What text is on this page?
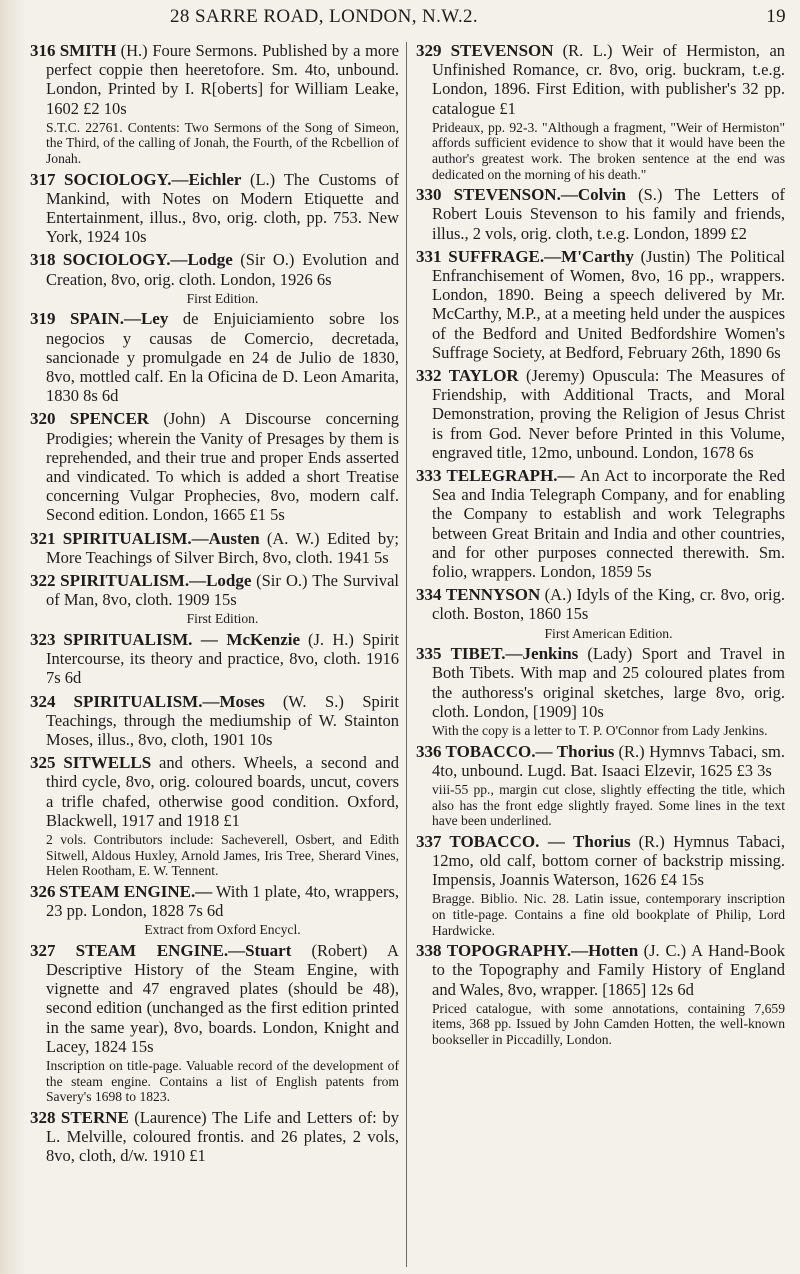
28 SARRE ROAD, LONDON, N.W.2.	19
316 SMITH (H.) Foure Sermons. Published by a more perfect coppie then heeretofore. Sm. 4to, unbound. London, Printed by I. R[oberts] for William Leake, 1602 £2 10s
S.T.C. 22761. Contents: Two Sermons of the Song of Simeon, the Third, of the calling of Jonah, the Fourth, of the Rcbellion of Jonah.
317 SOCIOLOGY.—Eichler (L.) The Customs of Mankind, with Notes on Modern Etiquette and Entertainment, illus., 8vo, orig. cloth, pp. 753. New York, 1924 10s
318 SOCIOLOGY.—Lodge (Sir O.) Evolution and Creation, 8vo, orig. cloth. London, 1926 6s
First Edition.
319 SPAIN.—Ley de Enjuiciamiento sobre los negocios y causas de Comercio, decretada, sancionade y promulgade en 24 de Julio de 1830, 8vo, mottled calf. En la Oficina de D. Leon Amarita, 1830 8s 6d
320 SPENCER (John) A Discourse concerning Prodigies; wherein the Vanity of Presages by them is reprehended, and their true and proper Ends asserted and vindicated. To which is added a short Treatise concerning Vulgar Prophecies, 8vo, modern calf. Second edition. London, 1665 £1 5s
321 SPIRITUALISM.—Austen (A. W.) Edited by; More Teachings of Silver Birch, 8vo, cloth. 1941 5s
322 SPIRITUALISM.—Lodge (Sir O.) The Survival of Man, 8vo, cloth. 1909 15s
First Edition.
323 SPIRITUALISM. — McKenzie (J. H.) Spirit Intercourse, its theory and practice, 8vo, cloth. 1916 7s 6d
324 SPIRITUALISM.—Moses (W. S.) Spirit Teachings, through the mediumship of W. Stainton Moses, illus., 8vo, cloth, 1901 10s
325 SITWELLS and others. Wheels, a second and third cycle, 8vo, orig. coloured boards, uncut, covers a trifle chafed, otherwise good condition. Oxford, Blackwell, 1917 and 1918 £1
2 vols. Contributors include: Sacheverell, Osbert, and Edith Sitwell, Aldous Huxley, Arnold James, Iris Tree, Sherard Vines, Helen Rootham, E. W. Tennent.
326 STEAM ENGINE.— With 1 plate, 4to, wrappers, 23 pp. London, 1828 7s 6d
Extract from Oxford Encycl.
327 STEAM ENGINE.—Stuart (Robert) A Descriptive History of the Steam Engine, with vignette and 47 engraved plates (should be 48), second edition (unchanged as the first edition printed in the same year), 8vo, boards. London, Knight and Lacey, 1824 15s
Inscription on title-page. Valuable record of the development of the steam engine. Contains a list of English patents from Savery's 1698 to 1823.
328 STERNE (Laurence) The Life and Letters of: by L. Melville, coloured frontis. and 26 plates, 2 vols, 8vo, cloth, d/w. 1910 £1
329 STEVENSON (R. L.) Weir of Hermiston, an Unfinished Romance, cr. 8vo, orig. buckram, t.e.g. London, 1896. First Edition, with publisher's 32 pp. catalogue £1
Prideaux, pp. 92-3. "Although a fragment, "Weir of Hermiston" affords sufficient evidence to show that it would have been the author's greatest work. The broken sentence at the end was dedicated on the morning of his death."
330 STEVENSON.—Colvin (S.) The Letters of Robert Louis Stevenson to his family and friends, illus., 2 vols, orig. cloth, t.e.g. London, 1899 £2
331 SUFFRAGE.—M'Carthy (Justin) The Political Enfranchisement of Women, 8vo, 16 pp., wrappers. London, 1890. Being a speech delivered by Mr. McCarthy, M.P., at a meeting held under the auspices of the Bedford and United Bedfordshire Women's Suffrage Society, at Bedford, February 26th, 1890 6s
332 TAYLOR (Jeremy) Opuscula: The Measures of Friendship, with Additional Tracts, and Moral Demonstration, proving the Religion of Jesus Christ is from God. Never before Printed in this Volume, engraved title, 12mo, unbound. London, 1678 6s
333 TELEGRAPH.— An Act to incorporate the Red Sea and India Telegraph Company, and for enabling the Company to establish and work Telegraphs between Great Britain and India and other countries, and for other purposes connected therewith. Sm. folio, wrappers. London, 1859 5s
334 TENNYSON (A.) Idyls of the King, cr. 8vo, orig. cloth. Boston, 1860 15s
First American Edition.
335 TIBET.—Jenkins (Lady) Sport and Travel in Both Tibets. With map and 25 coloured plates from the authoress's original sketches, large 8vo, orig. cloth. London, [1909] 10s
With the copy is a letter to T. P. O'Connor from Lady Jenkins.
336 TOBACCO.— Thorius (R.) Hymnvs Tabaci, sm. 4to, unbound. Lugd. Bat. Isaaci Elzevir, 1625 £3 3s
viii-55 pp., margin cut close, slightly effecting the title, which also has the front edge slightly frayed. Some lines in the text have been underlined.
337 TOBACCO. — Thorius (R.) Hymnus Tabaci, 12mo, old calf, bottom corner of backstrip missing. Impensis, Joannis Waterson, 1626 £4 15s
Bragge. Biblio. Nic. 28. Latin issue, contemporary inscription on title-page. Contains a fine old bookplate of Philip, Lord Hardwicke.
338 TOPOGRAPHY.—Hotten (J. C.) A Hand-Book to the Topography and Family History of England and Wales, 8vo, wrapper. [1865] 12s 6d
Priced catalogue, with some annotations, containing 7,659 items, 368 pp. Issued by John Camden Hotten, the well-known bookseller in Piccadilly, London.
